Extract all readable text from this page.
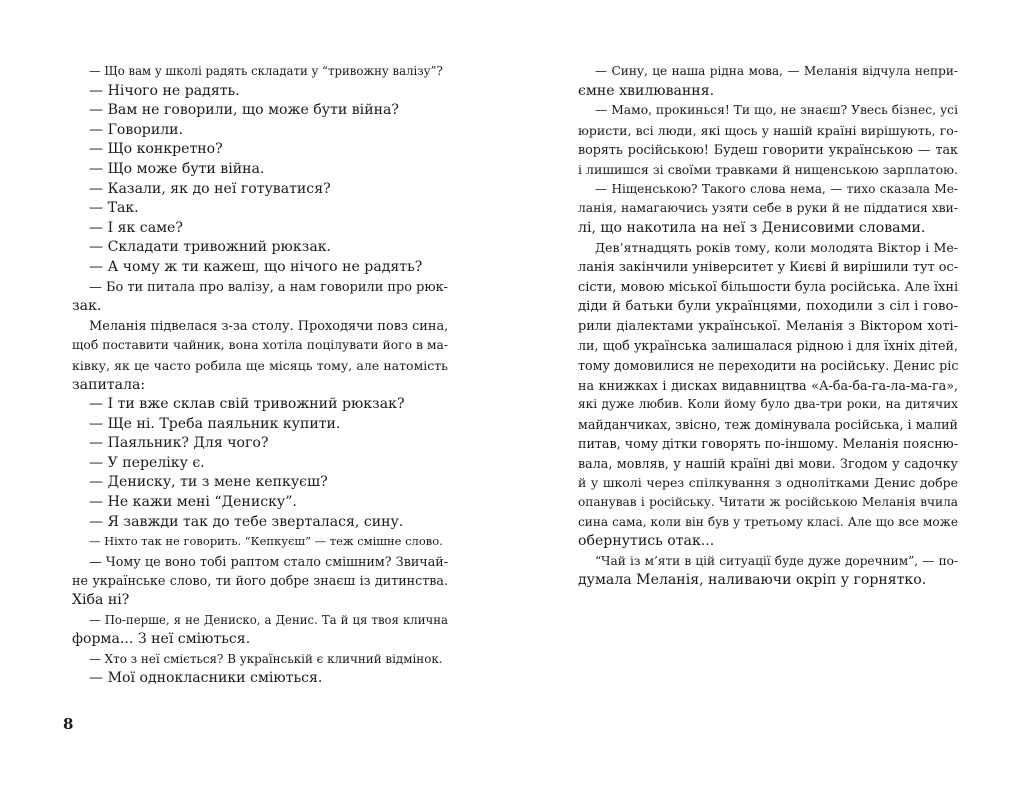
— Що вам у школі радять складати у “тривожну валізу”?
— Нічого не радять.
— Вам не говорили, що може бути війна?
— Говорили.
— Що конкретно?
— Що може бути війна.
— Казали, як до неї готуватися?
— Так.
— І як саме?
— Складати тривожний рюкзак.
— А чому ж ти кажеш, що нічого не радять?
— Бо ти питала про валізу, а нам говорили про рюк-
зак.
Меланія підвелася з-за столу. Проходячи повз сина,
щоб поставити чайник, вона хотіла поцілувати його в ма-
ківку, як це часто робила ще місяць тому, але натомість
запитала:
— І ти вже склав свій тривожний рюкзак?
— Ще ні. Треба паяльник купити.
— Паяльник? Для чого?
— У переліку є.
— Дениску, ти з мене кепкуєш?
— Не кажи мені “Дениску”.
— Я завжди так до тебе зверталася, сину.
— Ніхто так не говорить. “Кепкуєш” — теж смішне слово.
— Чому це воно тобі раптом стало смішним? Звичай-
не українське слово, ти його добре знаєш із дитинства.
Хіба ні?
— По-перше, я не Дениско, а Денис. Та й ця твоя клична
форма... З неї сміються.
— Хто з неї сміється? В українській є кличний відмінок.
— Мої однокласники сміються.
8
— Сину, це наша рідна мова, — Меланія відчула непри-
ємне хвилювання.
— Мамо, прокинься! Ти що, не знаєш? Увесь бізнес, усі
юристи, всі люди, які щось у нашій країні вирішують, го-
ворять російською! Будеш говорити українською — так
і лишишся зі своїми травками й нищенською зарплатою.
— Ніщенською? Такого слова нема, — тихо сказала Ме-
ланія, намагаючись узяти себе в руки й не піддатися хви-
лі, що накотила на неї з Денисовими словами.
Дев’ятнадцять років тому, коли молодята Віктор і Ме-
ланія закінчили університет у Києві й вирішили тут ос-
сісти, мовою міської більшости була російська. Але їхні
діди й батьки були українцями, походили з сіл і гово-
рили діалектами української. Меланія з Віктором хоті-
ли, щоб українська залишалася рідною і для їхніх дітей,
тому домовилися не переходити на російську. Денис ріс
на книжках і дисках видавництва «А-ба-ба-га-ла-ма-га»,
які дуже любив. Коли йому було два-три роки, на дитячих
майданчиках, звісно, теж домінувала російська, і малий
питав, чому дітки говорять по-іншому. Меланія поясню-
вала, мовляв, у нашій країні дві мови. Згодом у садочку
й у школі через спілкування з однолітками Денис добре
опанував і російську. Читати ж російською Меланія вчила
сина сама, коли він був у третьому класі. Але що все може
обернутись отак...
“Чай із м’яти в цій ситуації буде дуже доречним”, — по-
думала Меланія, наливаючи окріп у горнятко.
